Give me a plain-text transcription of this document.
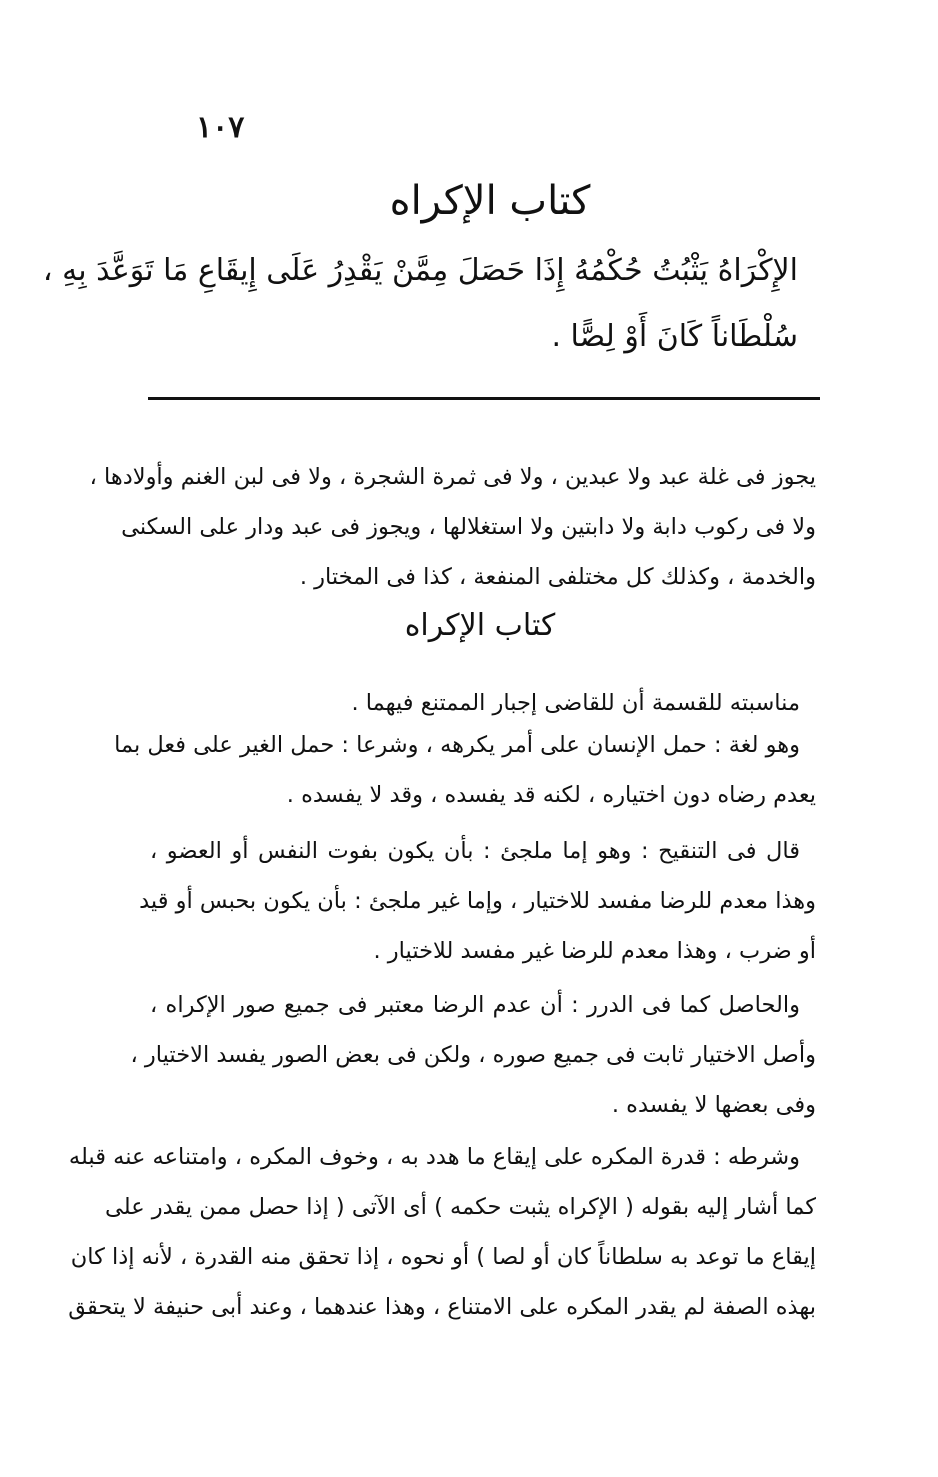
١٠٧
كتاب الإكراه
الإِكْرَاهُ يَثْبُتُ حُكْمُهُ إِذَا حَصَلَ مِمَّنْ يَقْدِرُ عَلَى إِيقَاعِ مَا تَوَعَّدَ بِهِ ،
سُلْطَاناً كَانَ أَوْ لِصًّا .
يجوز فى غلة عبد ولا عبدين ، ولا فى ثمرة الشجرة ، ولا فى لبن الغنم وأولادها ،
ولا فى ركوب دابة ولا دابتين ولا استغلالها ، ويجوز فى عبد ودار على السكنى
والخدمة ، وكذلك كل مختلفى المنفعة ، كذا فى المختار .
كتاب الإكراه
مناسبته للقسمة أن للقاضى إجبار الممتنع فيهما .
وهو لغة : حمل الإنسان على أمر يكرهه ، وشرعا : حمل الغير على فعل بما
يعدم رضاه دون اختياره ، لكنه قد يفسده ، وقد لا يفسده .
قال فى التنقيح : وهو إما ملجئ : بأن يكون بفوت النفس أو العضو ،
وهذا معدم للرضا مفسد للاختيار ، وإما غير ملجئ : بأن يكون بحبس أو قيد
أو ضرب ، وهذا معدم للرضا غير مفسد للاختيار .
والحاصل كما فى الدرر : أن عدم الرضا معتبر فى جميع صور الإكراه ،
وأصل الاختيار ثابت فى جميع صوره ، ولكن فى بعض الصور يفسد الاختيار ،
وفى بعضها لا يفسده .
وشرطه : قدرة المكره على إيقاع ما هدد به ، وخوف المكره ، وامتناعه عنه قبله
كما أشار إليه بقوله ( الإكراه يثبت حكمه ) أى الآتى ( إذا حصل ممن يقدر على
إيقاع ما توعد به سلطاناً كان أو لصا ) أو نحوه ، إذا تحقق منه القدرة ، لأنه إذا كان
بهذه الصفة لم يقدر المكره على الامتناع ، وهذا عندهما ، وعند أبى حنيفة لا يتحقق
